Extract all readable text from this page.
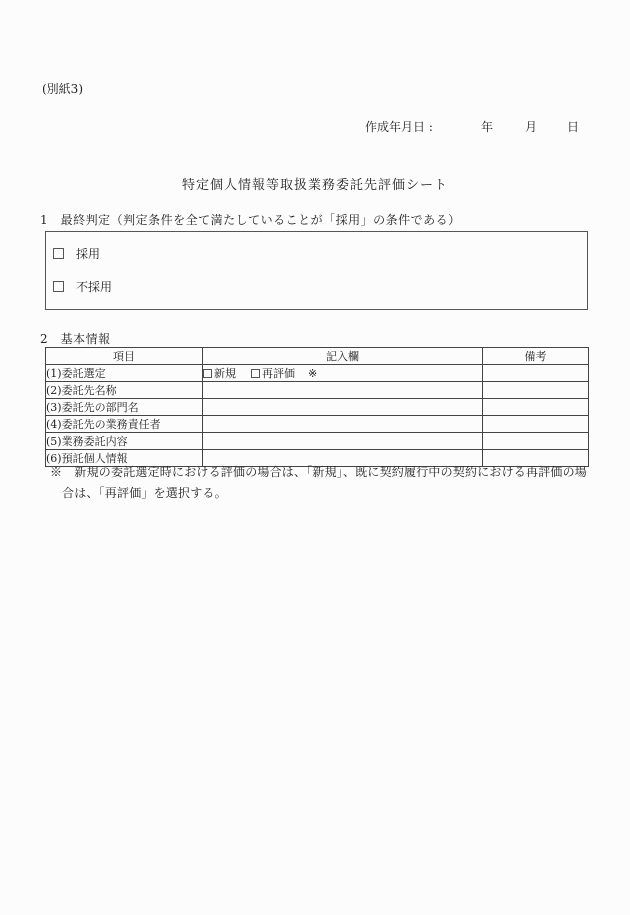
(別紙3)
作成年月日 :	年	月 日
特定個人情報等取扱業務委託先評価シート
1　最終判定（判定条件を全て満たしていることが「採用」の条件である）
採用
不採用
2　基本情報
項目	記入欄	備考
(1)委託選定	新規 再評価 ※	

(2)委託先名称		
(3)委託先の部門名		
(4)委託先の業務責任者		
(5)業務委託内容		
(6)預託個人情報		
※　新規の委託選定時における評価の場合は、「新規」、既に契約履行中の契約における再評価の場
合は、「再評価」を選択する。
